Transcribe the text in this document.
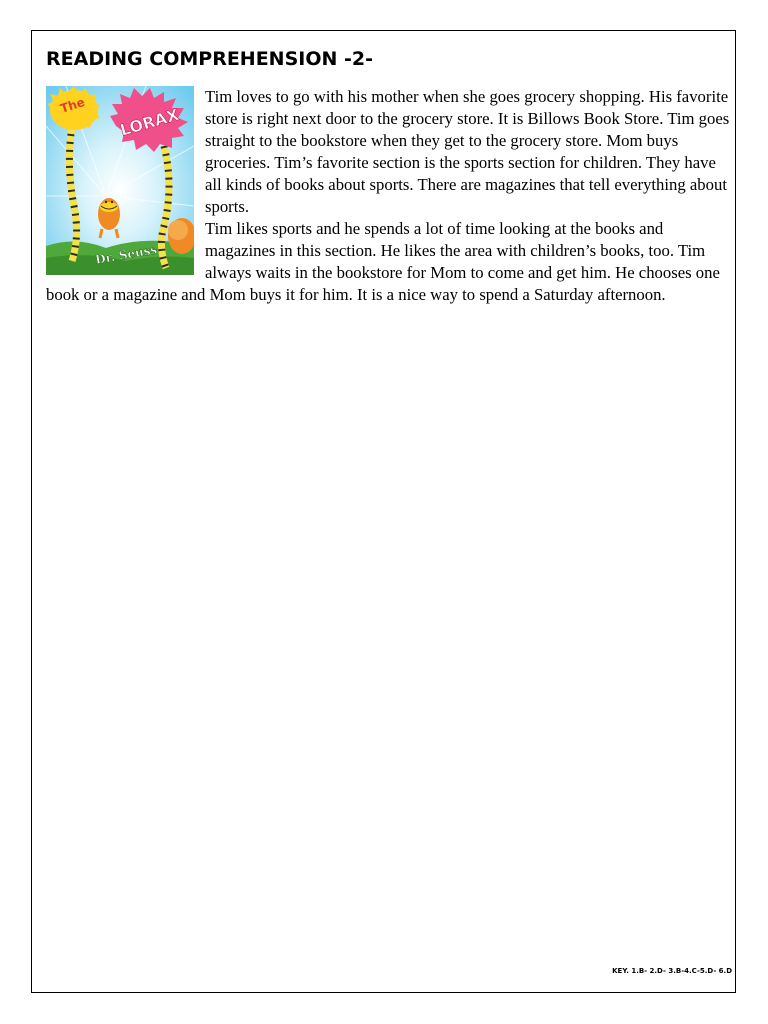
READING COMPREHENSION -2-
The LORAX
Dr. Seuss

Tim loves to go with his mother when she goes grocery shopping. His favorite store is right next door to the grocery store. It is Billows Book Store. Tim goes straight to the bookstore when they get to the grocery store. Mom buys groceries. Tim’s favorite section is the sports section for children. They have all kinds of books about sports. There are magazines that tell everything about sports.

Tim likes sports and he spends a lot of time looking at the books and magazines in this section. He likes the area with children’s books, too. Tim always waits in the bookstore for Mom to come and get him. He chooses one book or a magazine and Mom buys it for him. It is a nice way to spend a Saturday afternoon.

KEY. 1.B- 2.D- 3.B-4.C-5.D- 6.D
